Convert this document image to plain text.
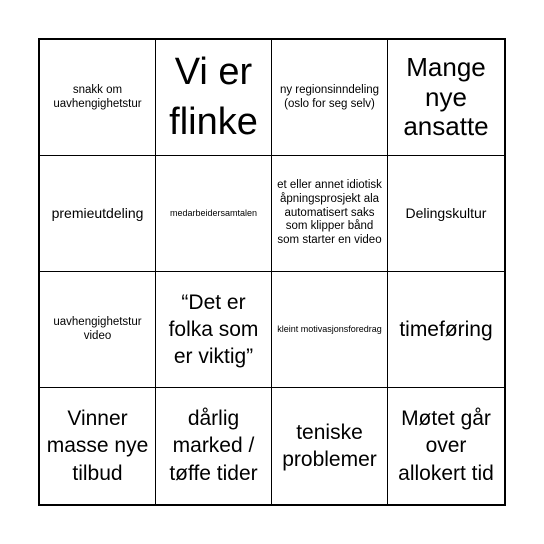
snakk om uavhengighetstur
Vi er flinke
ny regionsinndeling (oslo for seg selv)
Mange nye ansatte
premieutdeling	medarbeidersamtalen
et eller annet idiotisk åpningsprosjekt ala automatisert saks som klipper bånd som starter en video
Delingskultur
uavhengighetstur video
“Det er folka som er viktig”
kleint motivasjonsforedrag timeføring
Vinner masse nye tilbud
dårlig marked / tøffe tider
teniske problemer
Møtet går over allokert tid
